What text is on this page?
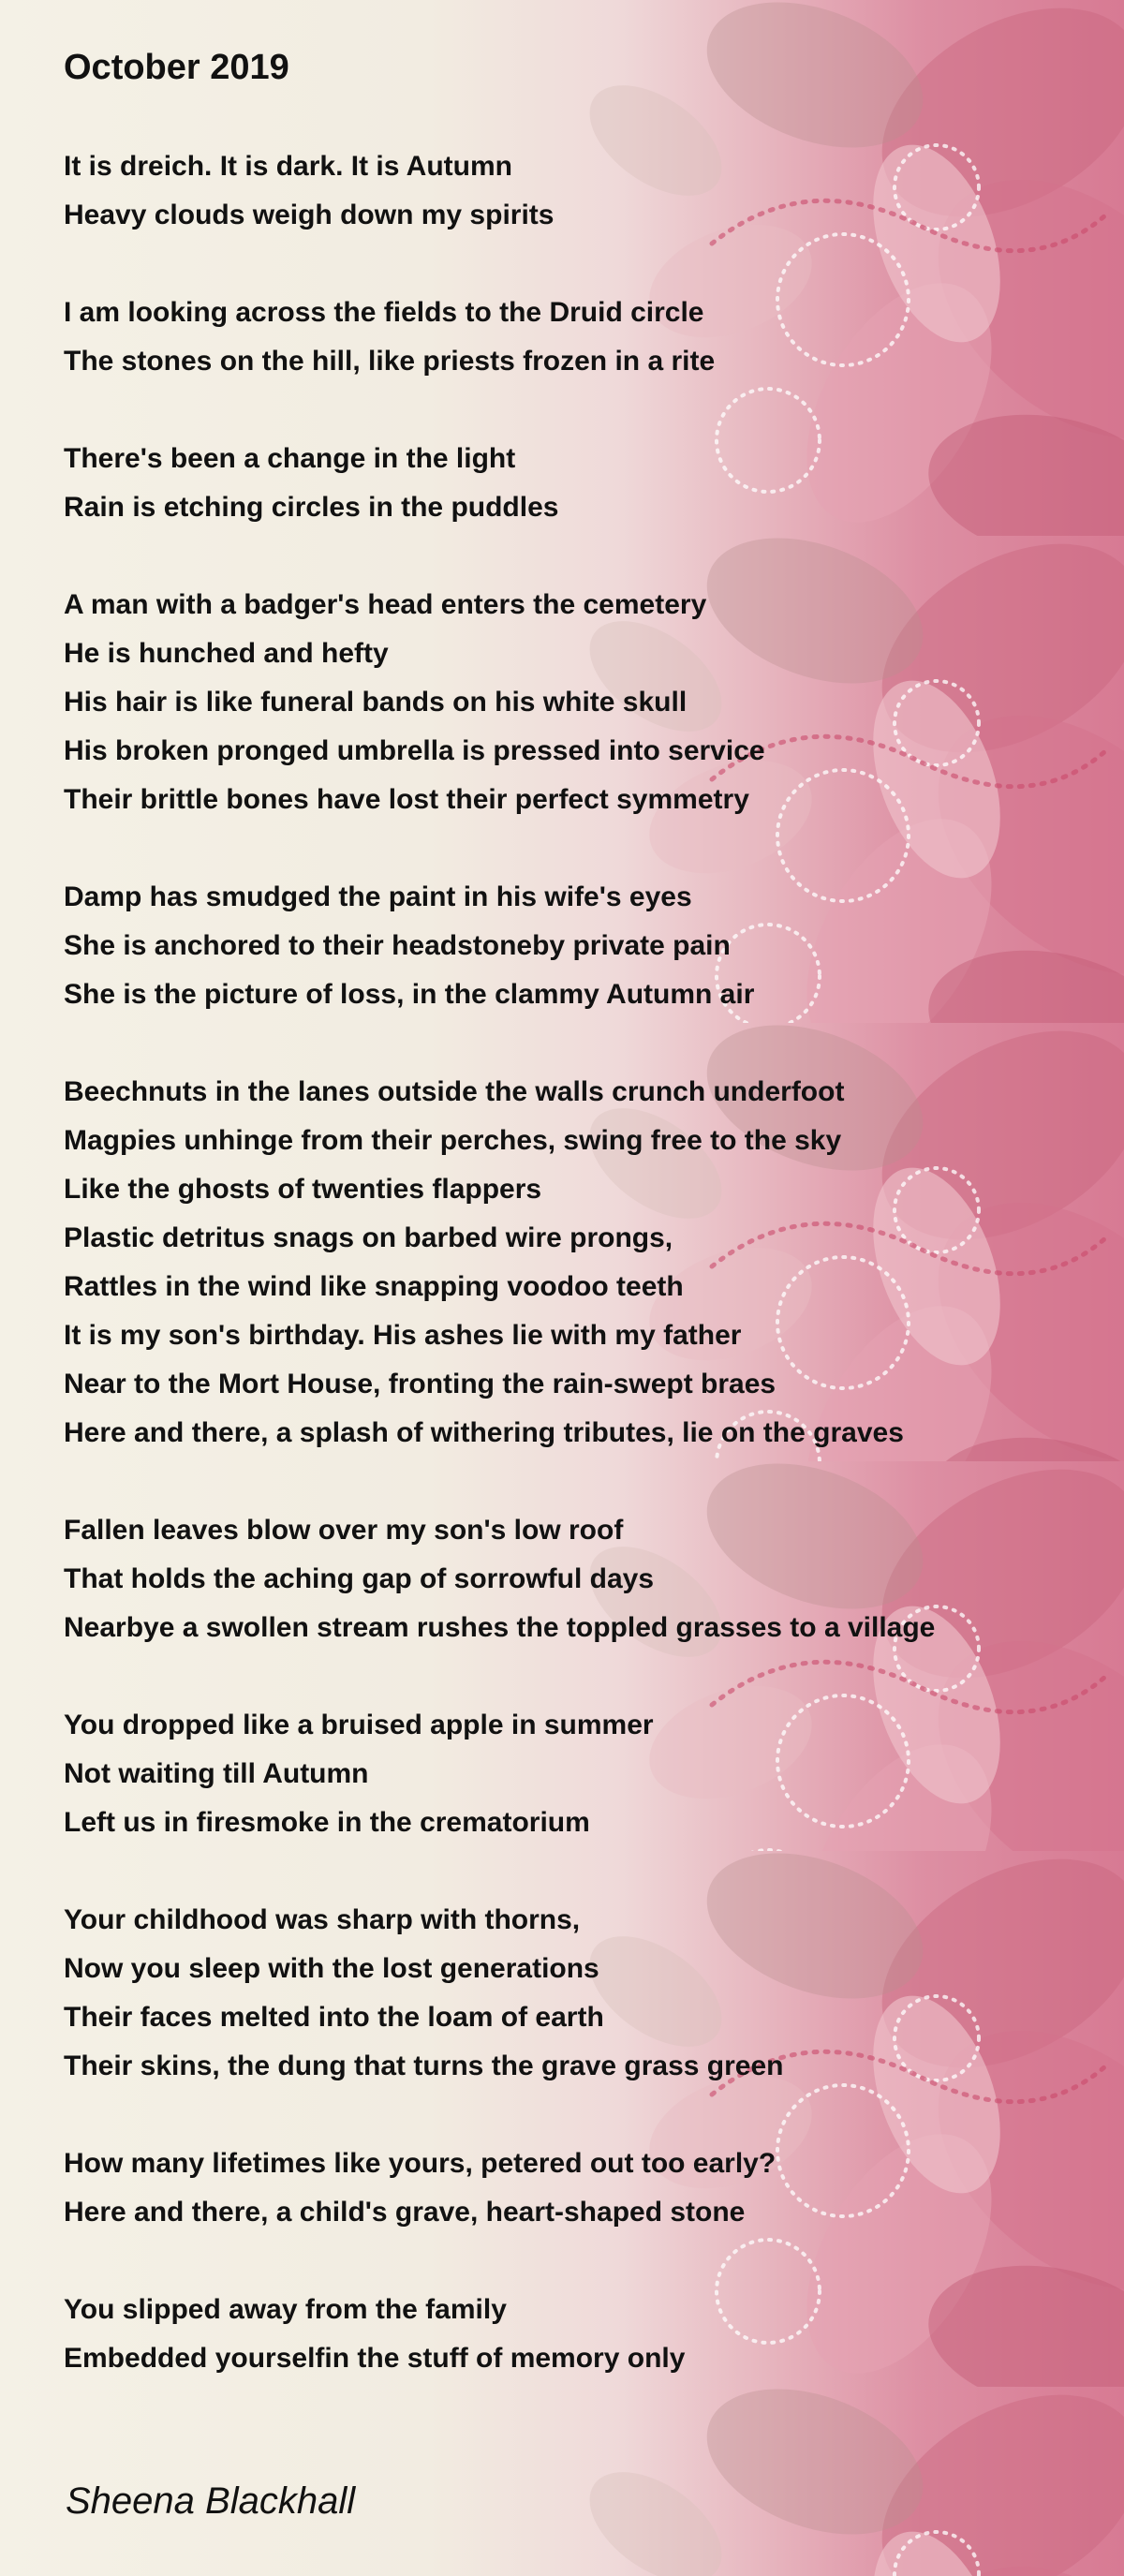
October 2019
It is dreich. It is dark. It is Autumn
Heavy clouds weigh down my spirits
I am looking across the fields to the Druid circle
The stones on the hill, like priests frozen in a rite
There's been a change in the light
Rain is etching circles in the puddles
A man with a badger's head enters the cemetery
He is hunched and hefty
His hair is like funeral bands on his white skull
His broken pronged umbrella is pressed into service
Their brittle bones have lost their perfect symmetry
Damp has smudged the paint in his wife's eyes
She is anchored to their headstoneby private pain
She is the picture of loss, in the clammy Autumn air
Beechnuts in the lanes outside the walls crunch underfoot
Magpies unhinge from their perches, swing free to the sky
Like the ghosts of twenties flappers
Plastic detritus snags on barbed wire prongs,
Rattles in the wind like snapping voodoo teeth
It is my son's birthday. His ashes lie with my father
Near to the Mort House, fronting the rain-swept braes
Here and there, a splash of withering tributes, lie on the graves
Fallen leaves blow over my son's low roof
That holds the aching gap of sorrowful days
Nearbye a swollen stream rushes the toppled grasses to a village
You dropped like a bruised apple in summer
Not waiting till Autumn
Left us in firesmoke in the crematorium
Your childhood was sharp with thorns,
Now you sleep with the lost generations
Their faces melted into the loam of earth
Their skins, the dung that turns the grave grass green
How many lifetimes like yours, petered out too early?
Here and there, a child's grave, heart-shaped stone
You slipped away from the family
Embedded yourselfin the stuff of memory only
Sheena Blackhall
